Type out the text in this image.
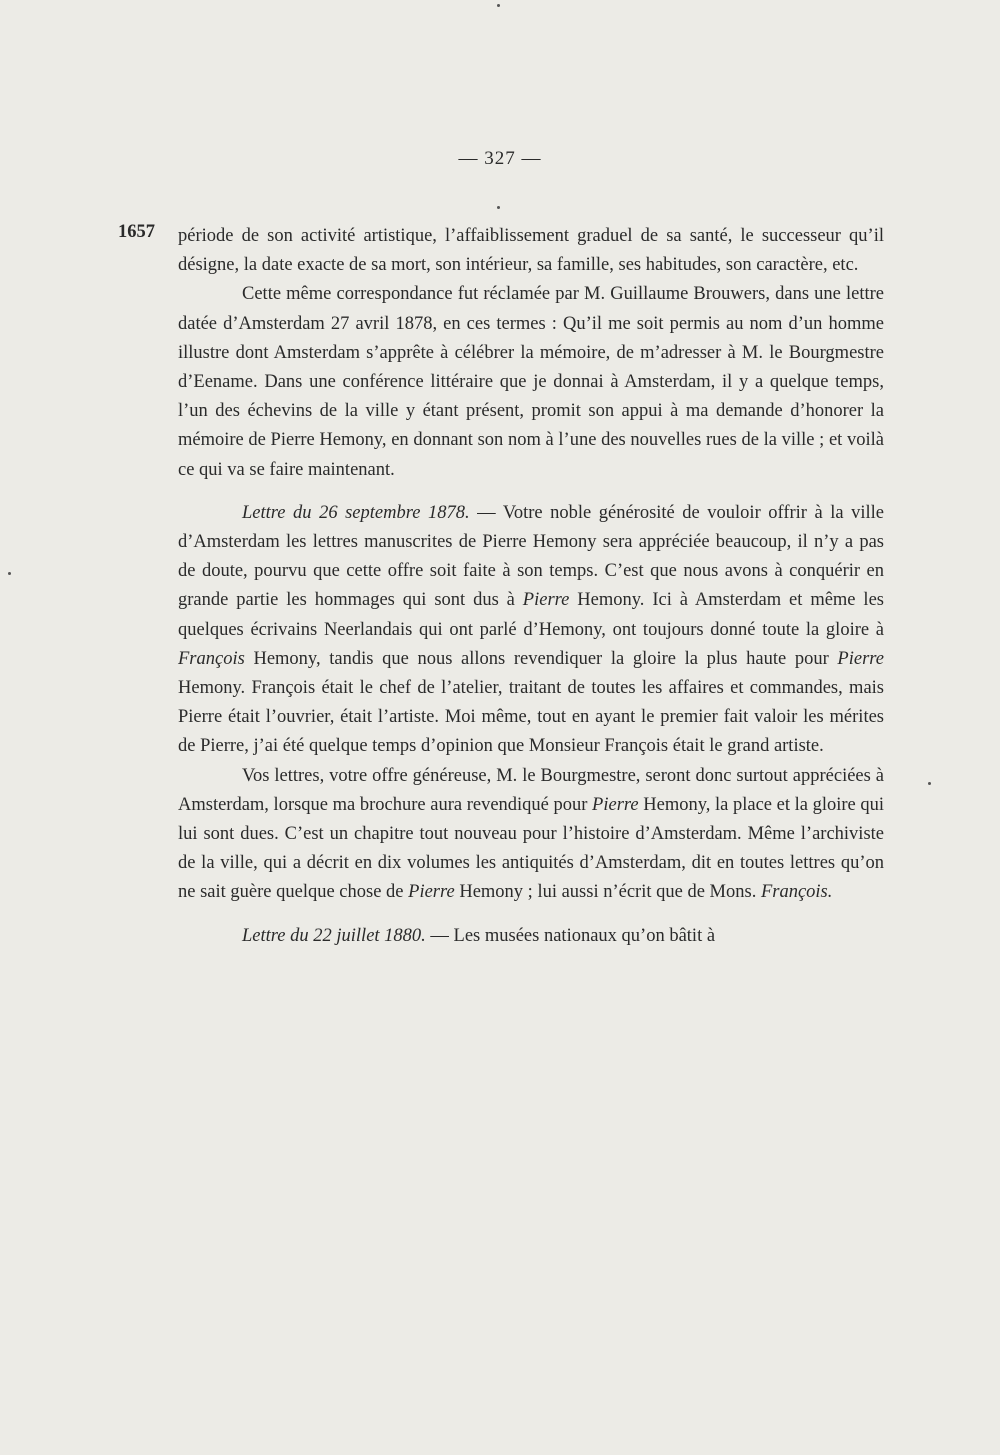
— 327 —
1657 période de son activité artistique, l’affaiblissement graduel de sa santé, le successeur qu’il désigne, la date exacte de sa mort, son intérieur, sa famille, ses habitudes, son caractère, etc.

Cette même correspondance fut réclamée par M. Guillaume Brouwers, dans une lettre datée d’Amsterdam 27 avril 1878, en ces termes : Qu’il me soit permis au nom d’un homme illustre dont Amsterdam s’apprête à célébrer la mémoire, de m’adresser à M. le Bourgmestre d’Eename. Dans une conférence littéraire que je donnai à Amsterdam, il y a quelque temps, l’un des échevins de la ville y étant présent, promit son appui à ma demande d’honorer la mémoire de Pierre Hemony, en donnant son nom à l’une des nouvelles rues de la ville ; et voilà ce qui va se faire maintenant.

Lettre du 26 septembre 1878. — Votre noble générosité de vouloir offrir à la ville d’Amsterdam les lettres manuscrites de Pierre Hemony sera appréciée beaucoup, il n’y a pas de doute, pourvu que cette offre soit faite à son temps. C’est que nous avons à conquérir en grande partie les hommages qui sont dus à Pierre Hemony. Ici à Amsterdam et même les quelques écrivains Neerlandais qui ont parlé d’Hemony, ont toujours donné toute la gloire à François Hemony, tandis que nous allons revendiquer la gloire la plus haute pour Pierre Hemony. François était le chef de l’atelier, traitant de toutes les affaires et commandes, mais Pierre était l’ouvrier, était l’artiste. Moi même, tout en ayant le premier fait valoir les mérites de Pierre, j’ai été quelque temps d’opinion que Monsieur François était le grand artiste.

Vos lettres, votre offre généreuse, M. le Bourgmestre, seront donc surtout appréciées à Amsterdam, lorsque ma brochure aura revendiqué pour Pierre Hemony, la place et la gloire qui lui sont dues. C’est un chapitre tout nouveau pour l’histoire d’Amsterdam. Même l’archiviste de la ville, qui a décrit en dix volumes les antiquités d’Amsterdam, dit en toutes lettres qu’on ne sait guère quelque chose de Pierre Hemony ; lui aussi n’écrit que de Mons. François.

Lettre du 22 juillet 1880. — Les musées nationaux qu’on bâtit à
